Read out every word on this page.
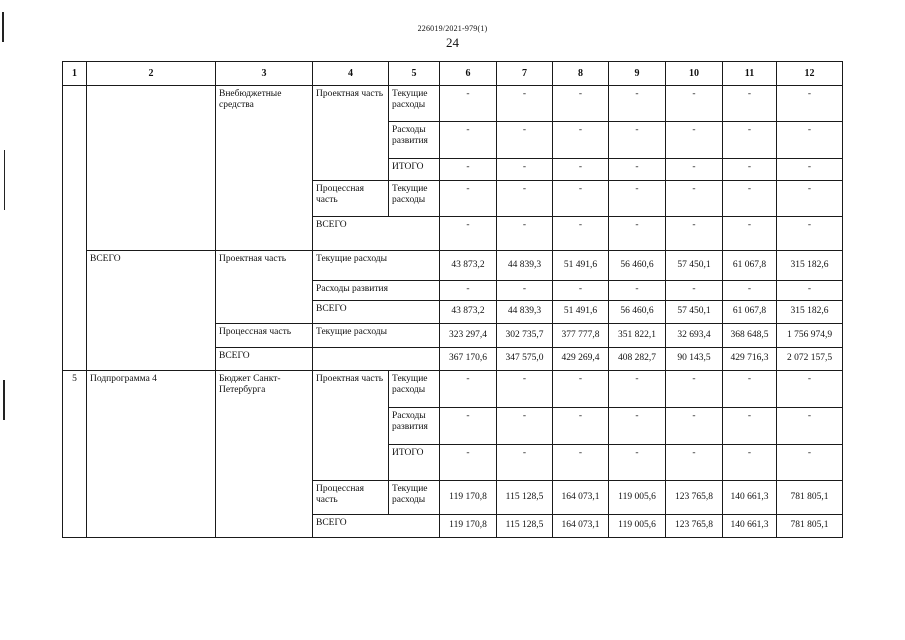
226019/2021-979(1)
24
1	2	3	4	5	6	7	8	9	10	11	12
		Внебюджетные средства	Проектная часть	Текущие расходы	-	-	-	-	-	-	-
				Расходы развития	-	-	-	-	-	-	-
				ИТОГО	-	-	-	-	-	-	-
			Процессная часть	Текущие расходы	-	-	-	-	-	-	-
			ВСЕГО		-	-	-	-	-	-	-
	ВСЕГО	Проектная часть	Текущие расходы		43 873,2	44 839,3	51 491,6	56 460,6	57 450,1	61 067,8	315 182,6
			Расходы развития		-	-	-	-	-	-	-
			ВСЕГО		43 873,2	44 839,3	51 491,6	56 460,6	57 450,1	61 067,8	315 182,6
		Процессная часть	Текущие расходы		323 297,4	302 735,7	377 777,8	351 822,1	32 693,4	368 648,5	1 756 974,9
		ВСЕГО			367 170,6	347 575,0	429 269,4	408 282,7	90 143,5	429 716,3	2 072 157,5
5	Подпрограмма 4	Бюджет Санкт-Петербурга	Проектная часть	Текущие расходы	-	-	-	-	-	-	-
				Расходы развития	-	-	-	-	-	-	-
				ИТОГО	-	-	-	-	-	-	-
			Процессная часть	Текущие расходы	119 170,8	115 128,5	164 073,1	119 005,6	123 765,8	140 661,3	781 805,1
			ВСЕГО		119 170,8	115 128,5	164 073,1	119 005,6	123 765,8	140 661,3	781 805,1
